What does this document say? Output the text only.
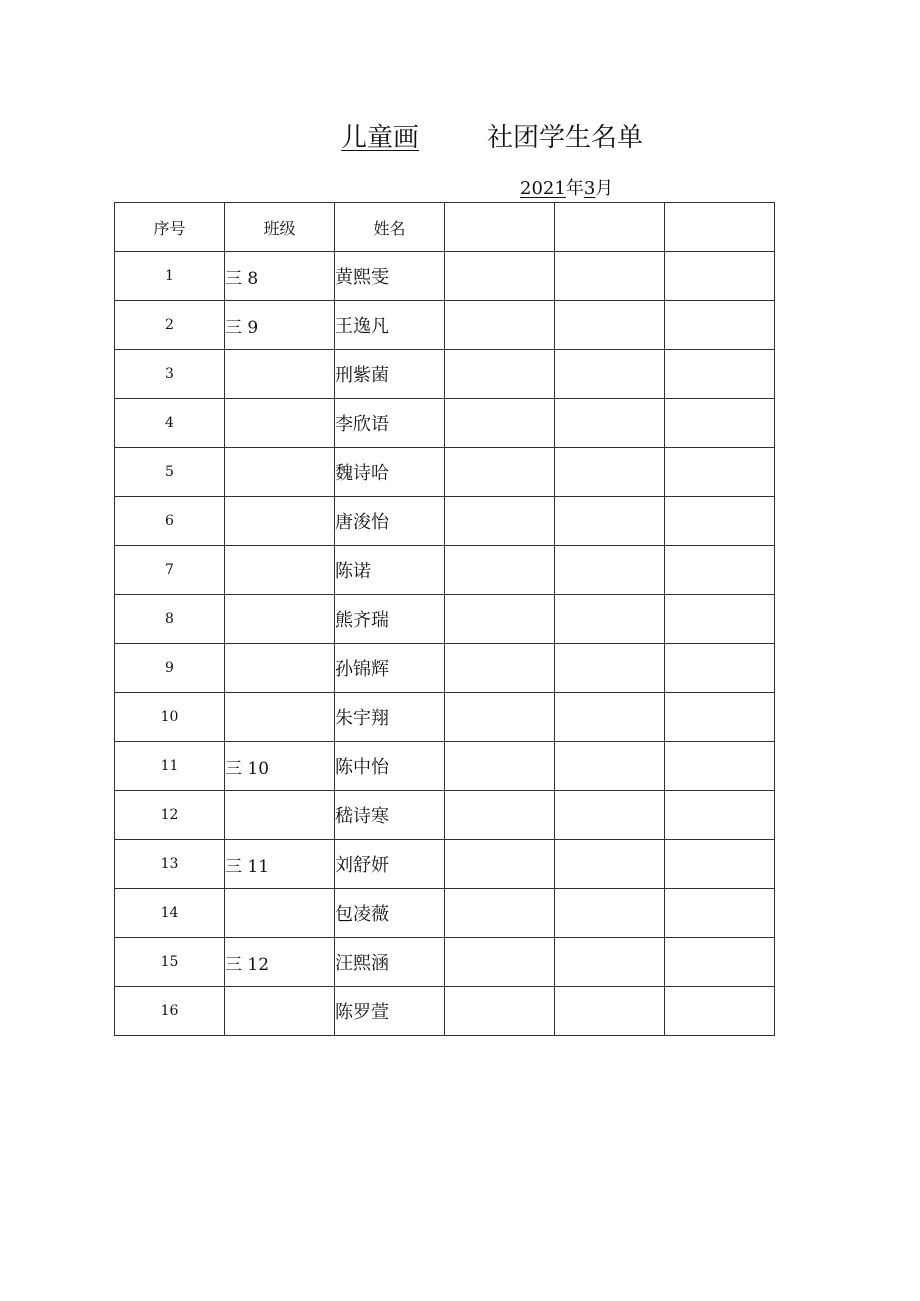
儿童画	社团学生名单
2021年3月
序号	班级	姓名			
1	三 8	黄熙雯			
2	三 9	王逸凡			
3		刑紫菌			
4		李欣语			
5		魏诗哈			
6		唐浚怡			
7		陈诺			
8		熊齐瑞			
9		孙锦辉			
10		朱宇翔			
11	三 10	陈中怡			
12		嵇诗寒			
13	三 11	刘舒妍			
14		包凌薇			
15	三 12	汪熙涵			
16		陈罗萱			
